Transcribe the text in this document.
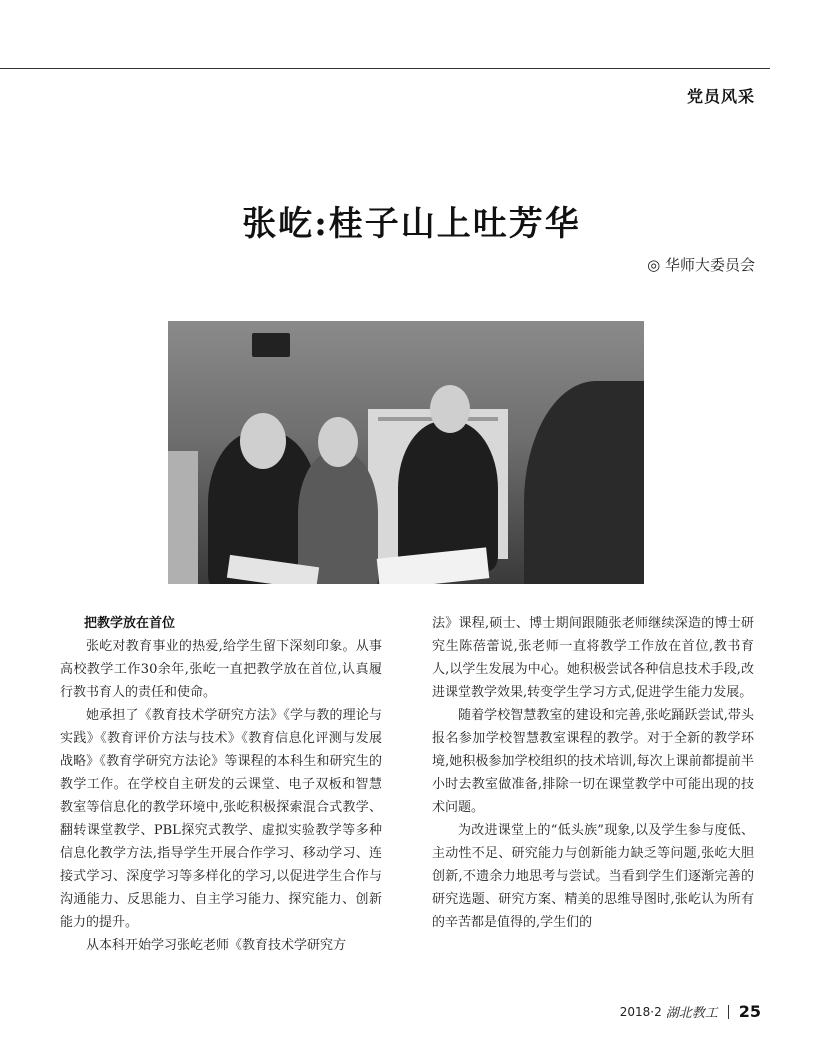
党员风采
张屹:桂子山上吐芳华
◎ 华师大委员会
把教学放在首位

张屹对教育事业的热爱,给学生留下深刻印象。从事高校教学工作30余年,张屹一直把教学放在首位,认真履行教书育人的责任和使命。

她承担了《教育技术学研究方法》《学与教的理论与实践》《教育评价方法与技术》《教育信息化评测与发展战略》《教育学研究方法论》等课程的本科生和研究生的教学工作。在学校自主研发的云课堂、电子双板和智慧教室等信息化的教学环境中,张屹积极探索混合式教学、翻转课堂教学、PBL探究式教学、虚拟实验教学等多种信息化教学方法,指导学生开展合作学习、移动学习、连接式学习、深度学习等多样化的学习,以促进学生合作与沟通能力、反思能力、自主学习能力、探究能力、创新能力的提升。

从本科开始学习张屹老师《教育技术学研究方

法》课程,硕士、博士期间跟随张老师继续深造的博士研究生陈蓓蕾说,张老师一直将教学工作放在首位,教书育人,以学生发展为中心。她积极尝试各种信息技术手段,改进课堂教学效果,转变学生学习方式,促进学生能力发展。

随着学校智慧教室的建设和完善,张屹踊跃尝试,带头报名参加学校智慧教室课程的教学。对于全新的教学环境,她积极参加学校组织的技术培训,每次上课前都提前半小时去教室做准备,排除一切在课堂教学中可能出现的技术问题。

为改进课堂上的“低头族”现象,以及学生参与度低、主动性不足、研究能力与创新能力缺乏等问题,张屹大胆创新,不遗余力地思考与尝试。当看到学生们逐渐完善的研究选题、研究方案、精美的思维导图时,张屹认为所有的辛苦都是值得的,学生们的

2018·2 湖北教工 25
